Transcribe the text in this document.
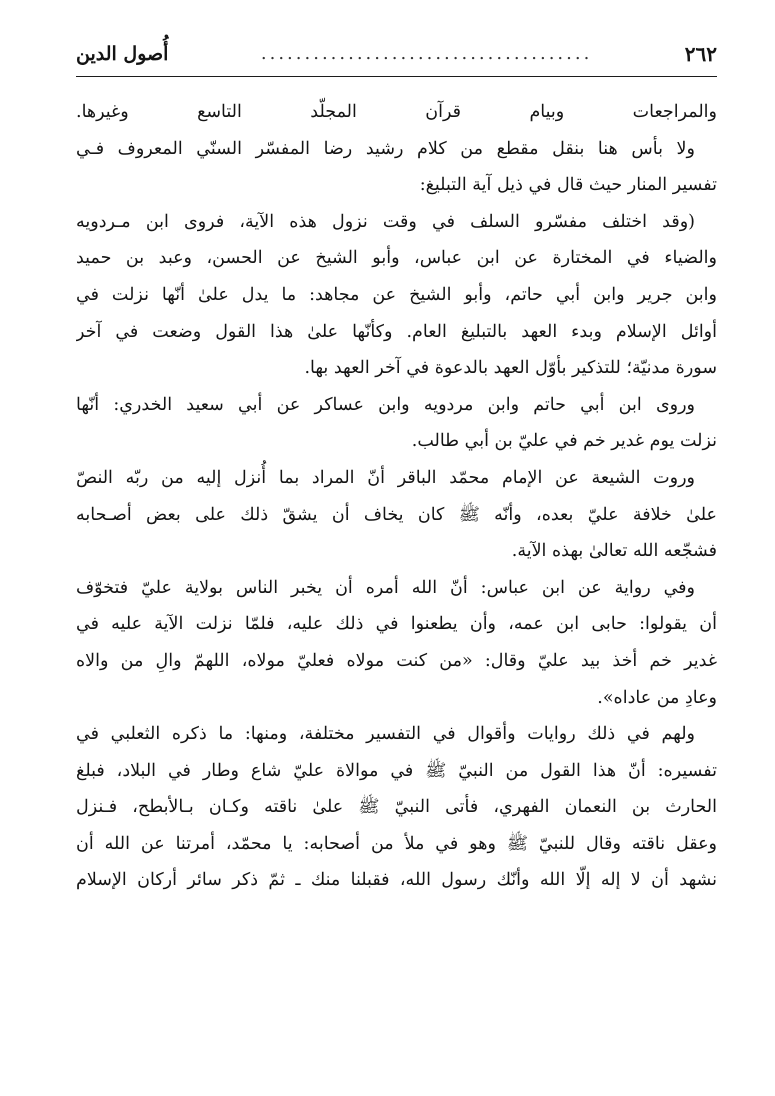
٢٦٢
......................................
أُصول الدين
والمراجعات وبيام قرآن المجلّد التاسع وغيرها.
ولا بأس هنا بنقل مقطع من كلام رشيد رضا المفسّر السنّي المعروف فـي
تفسير المنار حيث قال في ذيل آية التبليغ:
(وقد اختلف مفسّرو السلف في وقت نزول هذه الآية، فروى ابن مـردويه
والضياء في المختارة عن ابن عباس، وأبو الشيخ عن الحسن، وعبد بن حميد
وابن جرير وابن أبي حاتم، وأبو الشيخ عن مجاهد: ما يدل علىٰ أنّها نزلت في
أوائل الإسلام وبدء العهد بالتبليغ العام. وكأنّها علىٰ هذا القول وضعت في آخر
سورة مدنيّة؛ للتذكير بأوّل العهد بالدعوة في آخر العهد بها.
وروى ابن أبي حاتم وابن مردويه وابن عساكر عن أبي سعيد الخدري: أنّها
نزلت يوم غدير خم في عليّ بن أبي طالب.
وروت الشيعة عن الإمام محمّد الباقر أنّ المراد بما أُنزل إليه من ربّه النصّ
علىٰ خلافة عليّ بعده، وأنّه ﷺ كان يخاف أن يشقّ ذلك على بعض أصـحابه
فشجّعه الله تعالىٰ بهذه الآية.
وفي رواية عن ابن عباس: أنّ الله أمره أن يخبر الناس بولاية عليّ فتخوّف
أن يقولوا: حابى ابن عمه، وأن يطعنوا في ذلك عليه، فلمّا نزلت الآية عليه في
غدير خم أخذ بيد عليّ وقال: «من كنت مولاه فعليّ مولاه، اللهمّ والِ من والاه
وعادِ من عاداه».
ولهم في ذلك روايات وأقوال في التفسير مختلفة، ومنها: ما ذكره الثعلبي في
تفسيره: أنّ هذا القول من النبيّ ﷺ في موالاة عليّ شاع وطار في البلاد، فبلغ
الحارث بن النعمان الفهري، فأتى النبيّ ﷺ علىٰ ناقته وكـان بـالأبطح، فـنزل
وعقل ناقته وقال للنبيّ ﷺ وهو في ملأ من أصحابه: يا محمّد، أمرتنا عن الله أن
نشهد أن لا إله إلّا الله وأنّك رسول الله، فقبلنا منك ـ ثمّ ذكر سائر أركان الإسلام
